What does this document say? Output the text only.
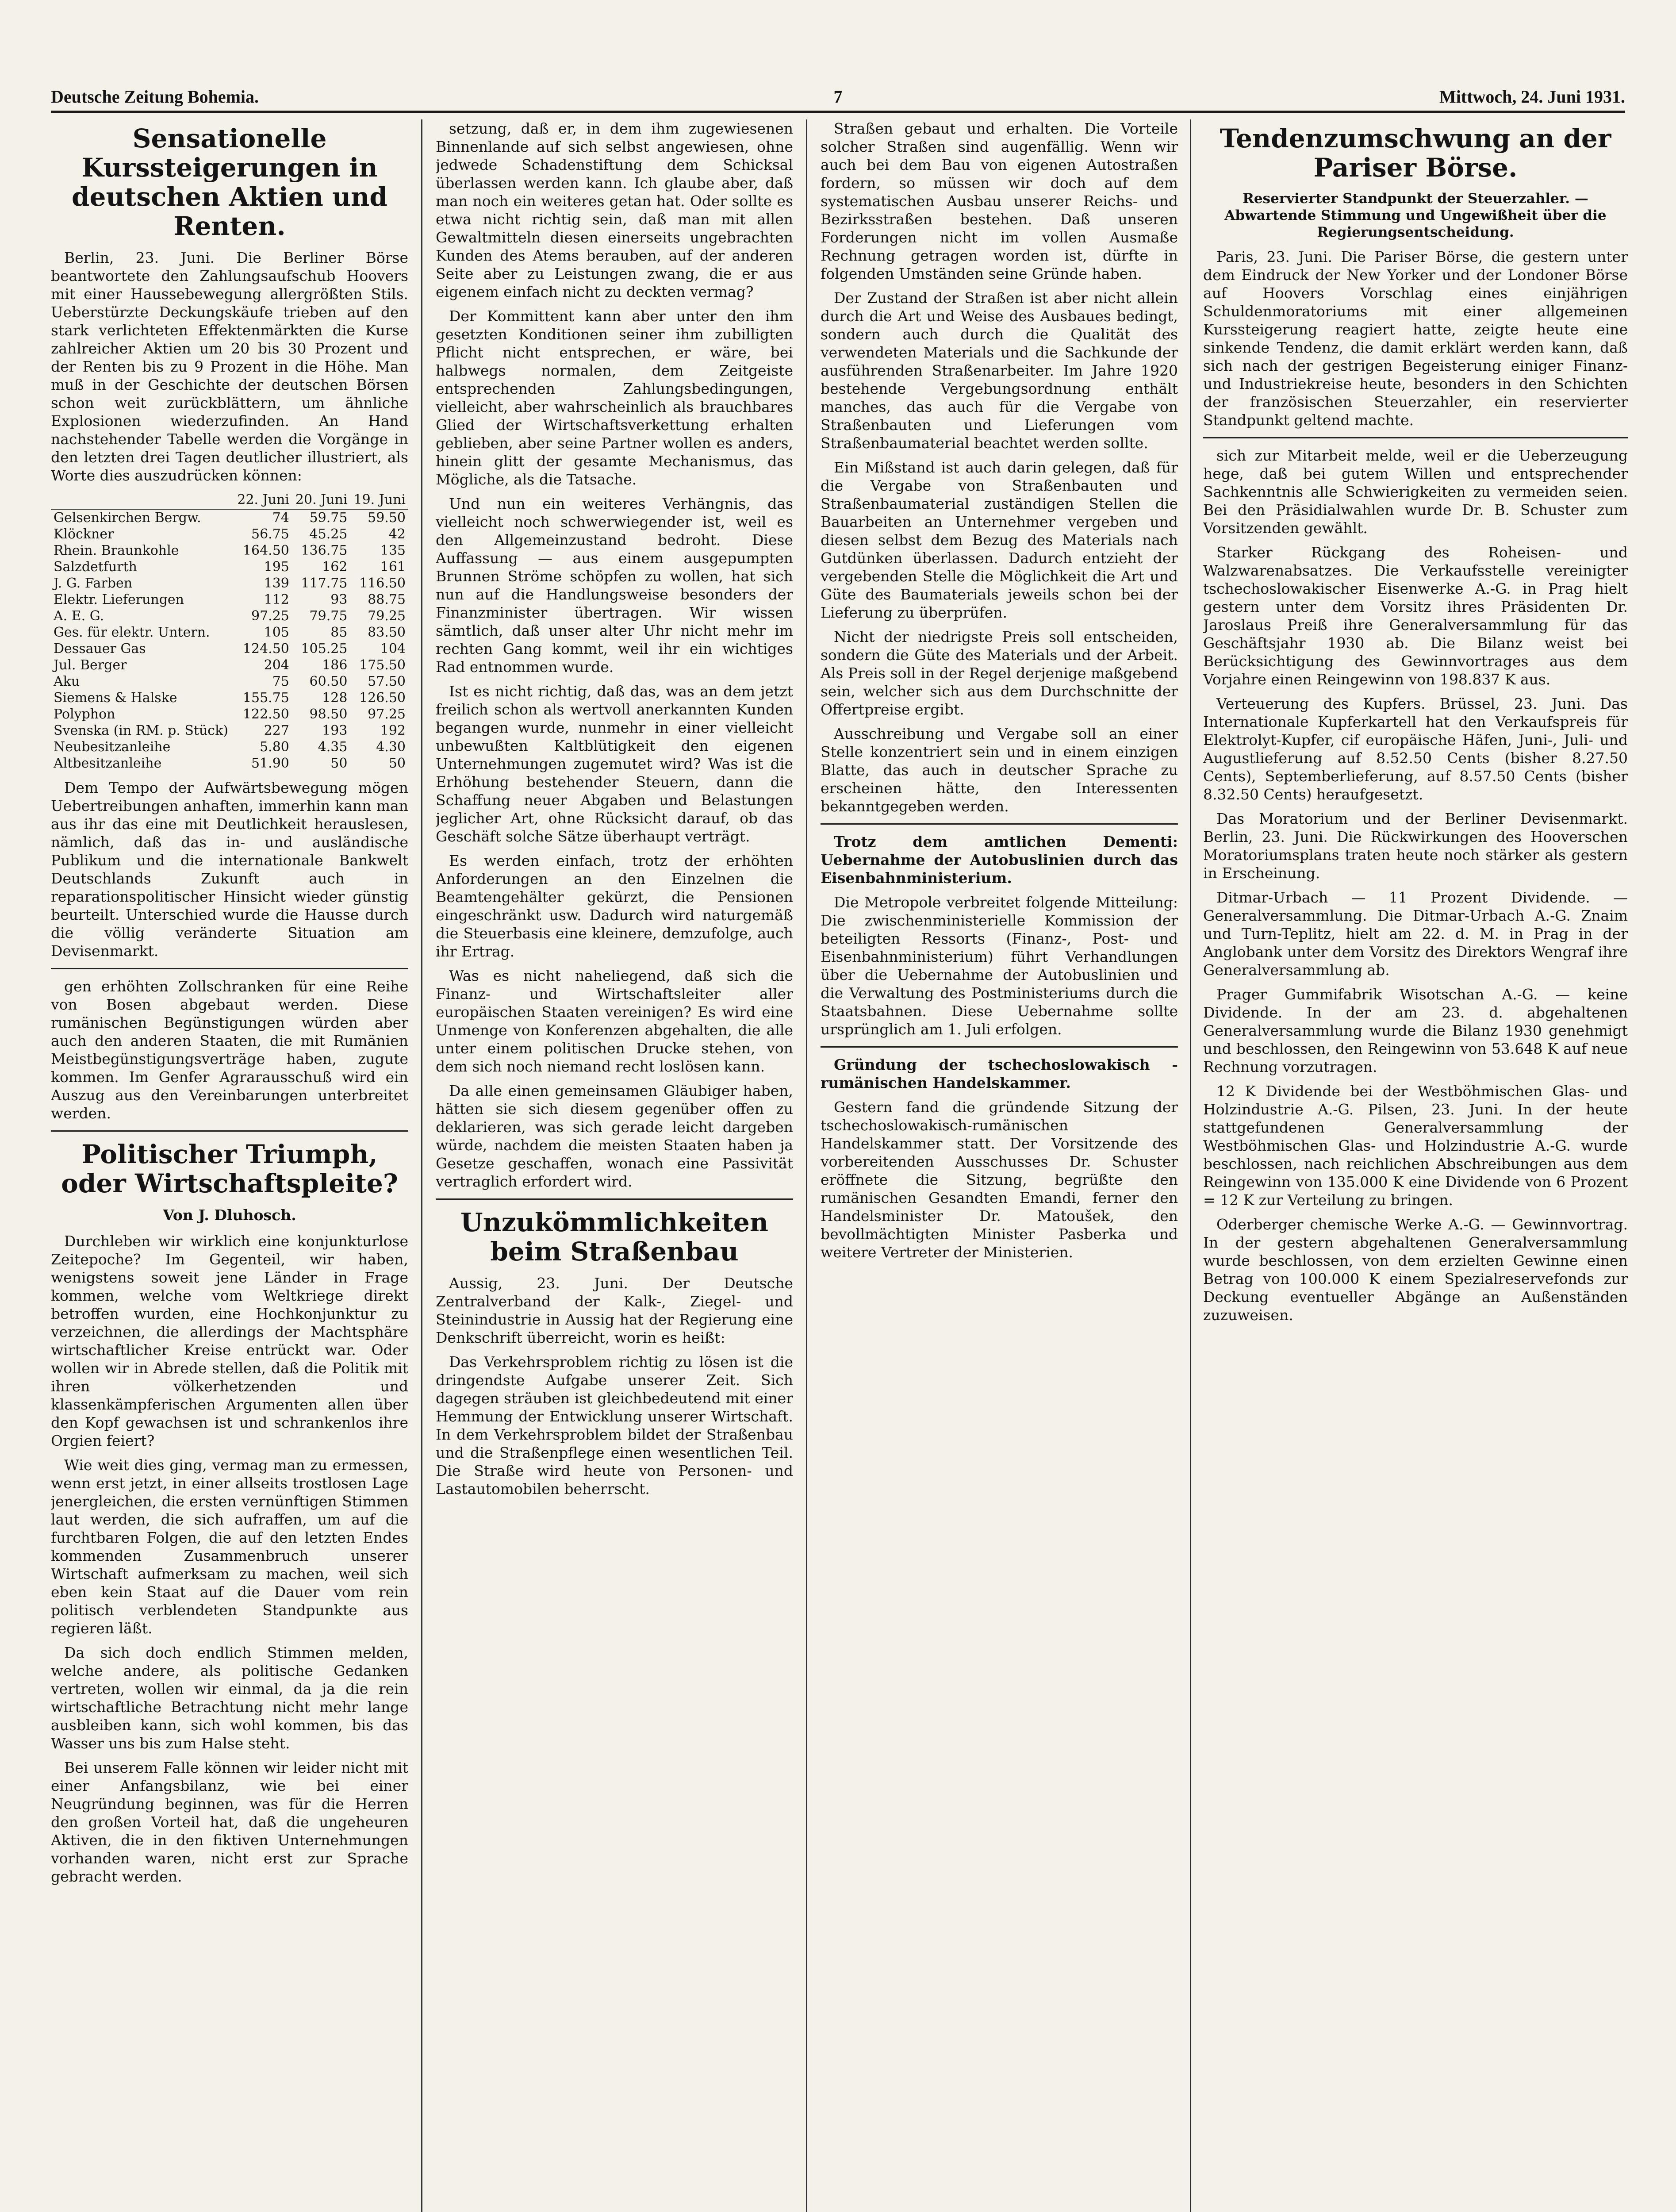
Deutsche Zeitung Bohemia.	7	Mittwoch, 24. Juni 1931.
Sensationelle Kurssteigerungen in deutschen Aktien und Renten.

Berlin, 23. Juni. Die Berliner Börse beantwortete den Zahlungsaufschub Hoovers mit einer Haussebewegung allergrößten Stils. Ueberstürzte Deckungskäufe trieben auf den stark verlichteten Effektenmärkten die Kurse zahlreicher Aktien um 20 bis 30 Prozent und der Renten bis zu 9 Prozent in die Höhe. Man muß in der Geschichte der deutschen Börsen schon weit zurückblättern, um ähnliche Explosionen wiederzufinden. An Hand nachstehender Tabelle werden die Vorgänge in den letzten drei Tagen deutlicher illustriert, als Worte dies auszudrücken können:

	22. Juni	20. Juni	19. Juni
Gelsenkirchen Bergw.	74	59.75	59.50
Klöckner	56.75	45.25	42
Rhein. Braunkohle	164.50	136.75	135
Salzdetfurth	195	162	161
J. G. Farben	139	117.75	116.50
Elektr. Lieferungen	112	93	88.75
A. E. G.	97.25	79.75	79.25
Ges. für elektr. Untern.	105	85	83.50
Dessauer Gas	124.50	105.25	104
Jul. Berger	204	186	175.50
Aku	75	60.50	57.50
Siemens & Halske	155.75	128	126.50
Polyphon	122.50	98.50	97.25
Svenska (in RM. p. Stück)	227	193	192
Neubesitzanleihe	5.80	4.35	4.30
Altbesitzanleihe	51.90	50	50

Dem Tempo der Aufwärtsbewegung mögen Uebertreibungen anhaften, immerhin kann man aus ihr das eine mit Deutlichkeit herauslesen, nämlich, daß das in- und ausländische Publikum und die internationale Bankwelt Deutschlands Zukunft auch in reparationspolitischer Hinsicht wieder günstig beurteilt. Unterschied wurde die Hausse durch die völlig veränderte Situation am Devisenmarkt.

gen erhöhten Zollschranken für eine Reihe von Bosen abgebaut werden. Diese rumänischen Begünstigungen würden aber auch den anderen Staaten, die mit Rumänien Meistbegünstigungsverträge haben, zugute kommen. Im Genfer Agrarausschuß wird ein Auszug aus den Vereinbarungen unterbreitet werden.

Politischer Triumph, oder Wirtschaftspleite?

Von J. Dluhosch.

Durchleben wir wirklich eine konjunkturlose Zeitepoche? Im Gegenteil, wir haben, wenigstens soweit jene Länder in Frage kommen, welche vom Weltkriege direkt betroffen wurden, eine Hochkonjunktur zu verzeichnen, die allerdings der Machtsphäre wirtschaftlicher Kreise entrückt war. Oder wollen wir in Abrede stellen, daß die Politik mit ihren völkerhetzenden und klassenkämpferischen Argumenten allen über den Kopf gewachsen ist und schrankenlos ihre Orgien feiert?

Wie weit dies ging, vermag man zu ermessen, wenn erst jetzt, in einer allseits trostlosen Lage jenergleichen, die ersten vernünftigen Stimmen laut werden, die sich aufraffen, um auf die furchtbaren Folgen, die auf den letzten Endes kommenden Zusammenbruch unserer Wirtschaft aufmerksam zu machen, weil sich eben kein Staat auf die Dauer vom rein politisch verblendeten Standpunkte aus regieren läßt.

Da sich doch endlich Stimmen melden, welche andere, als politische Gedanken vertreten, wollen wir einmal, da ja die rein wirtschaftliche Betrachtung nicht mehr lange ausbleiben kann, sich wohl kommen, bis das Wasser uns bis zum Halse steht.

Bei unserem Falle können wir leider nicht mit einer Anfangsbilanz, wie bei einer Neugründung beginnen, was für die Herren den großen Vorteil hat, daß die ungeheuren Aktiven, die in den fiktiven Unternehmungen vorhanden waren, nicht erst zur Sprache gebracht werden.

setzung, daß er, in dem ihm zugewiesenen Binnenlande auf sich selbst angewiesen, ohne jedwede Schadenstiftung dem Schicksal überlassen werden kann. Ich glaube aber, daß man noch ein weiteres getan hat. Oder sollte es etwa nicht richtig sein, daß man mit allen Gewaltmitteln diesen einerseits ungebrachten Kunden des Atems berauben, auf der anderen Seite aber zu Leistungen zwang, die er aus eigenem einfach nicht zu deckten vermag?

Der Kommittent kann aber unter den ihm gesetzten Konditionen seiner ihm zubilligten Pflicht nicht entsprechen, er wäre, bei halbwegs normalen, dem Zeitgeiste entsprechenden Zahlungsbedingungen, vielleicht, aber wahrscheinlich als brauchbares Glied der Wirtschaftsverkettung erhalten geblieben, aber seine Partner wollen es anders, hinein glitt der gesamte Mechanismus, das Mögliche, als die Tatsache.

Und nun ein weiteres Verhängnis, das vielleicht noch schwerwiegender ist, weil es den Allgemeinzustand bedroht. Diese Auffassung — aus einem ausgepumpten Brunnen Ströme schöpfen zu wollen, hat sich nun auf die Handlungsweise besonders der Finanzminister übertragen. Wir wissen sämtlich, daß unser alter Uhr nicht mehr im rechten Gang kommt, weil ihr ein wichtiges Rad entnommen wurde.

Ist es nicht richtig, daß das, was an dem jetzt freilich schon als wertvoll anerkannten Kunden begangen wurde, nunmehr in einer vielleicht unbewußten Kaltblütigkeit den eigenen Unternehmungen zugemutet wird? Was ist die Erhöhung bestehender Steuern, dann die Schaffung neuer Abgaben und Belastungen jeglicher Art, ohne Rücksicht darauf, ob das Geschäft solche Sätze überhaupt verträgt.

Es werden einfach, trotz der erhöhten Anforderungen an den Einzelnen die Beamtengehälter gekürzt, die Pensionen eingeschränkt usw. Dadurch wird naturgemäß die Steuerbasis eine kleinere, demzufolge, auch ihr Ertrag.

Was es nicht naheliegend, daß sich die Finanz- und Wirtschaftsleiter aller europäischen Staaten vereinigen? Es wird eine Unmenge von Konferenzen abgehalten, die alle unter einem politischen Drucke stehen, von dem sich noch niemand recht loslösen kann.

Da alle einen gemeinsamen Gläubiger haben, hätten sie sich diesem gegenüber offen zu deklarieren, was sich gerade leicht dargeben würde, nachdem die meisten Staaten haben ja Gesetze geschaffen, wonach eine Passivität vertraglich erfordert wird.

Unzukömmlichkeiten beim Straßenbau

Aussig, 23. Juni. Der Deutsche Zentralverband der Kalk-, Ziegel- und Steinindustrie in Aussig hat der Regierung eine Denkschrift überreicht, worin es heißt:

Das Verkehrsproblem richtig zu lösen ist die dringendste Aufgabe unserer Zeit. Sich dagegen sträuben ist gleichbedeutend mit einer Hemmung der Entwicklung unserer Wirtschaft. In dem Verkehrsproblem bildet der Straßenbau und die Straßenpflege einen wesentlichen Teil. Die Straße wird heute von Personen- und Lastautomobilen beherrscht.

Straßen gebaut und erhalten. Die Vorteile solcher Straßen sind augenfällig. Wenn wir auch bei dem Bau von eigenen Autostraßen fordern, so müssen wir doch auf dem systematischen Ausbau unserer Reichs- und Bezirksstraßen bestehen. Daß unseren Forderungen nicht im vollen Ausmaße Rechnung getragen worden ist, dürfte in folgenden Umständen seine Gründe haben.

Der Zustand der Straßen ist aber nicht allein durch die Art und Weise des Ausbaues bedingt, sondern auch durch die Qualität des verwendeten Materials und die Sachkunde der ausführenden Straßenarbeiter. Im Jahre 1920 bestehende Vergebungsordnung enthält manches, das auch für die Vergabe von Straßenbauten und Lieferungen vom Straßenbaumaterial beachtet werden sollte.

Ein Mißstand ist auch darin gelegen, daß für die Vergabe von Straßenbauten und Straßenbaumaterial zuständigen Stellen die Bauarbeiten an Unternehmer vergeben und diesen selbst dem Bezug des Materials nach Gutdünken überlassen. Dadurch entzieht der vergebenden Stelle die Möglichkeit die Art und Güte des Baumaterials jeweils schon bei der Lieferung zu überprüfen.

Nicht der niedrigste Preis soll entscheiden, sondern die Güte des Materials und der Arbeit. Als Preis soll in der Regel derjenige maßgebend sein, welcher sich aus dem Durchschnitte der Offertpreise ergibt.

Ausschreibung und Vergabe soll an einer Stelle konzentriert sein und in einem einzigen Blatte, das auch in deutscher Sprache zu erscheinen hätte, den Interessenten bekanntgegeben werden.

Trotz dem amtlichen Dementi: Uebernahme der Autobuslinien durch das Eisenbahnministerium.

Die Metropole verbreitet folgende Mitteilung: Die zwischenministerielle Kommission der beteiligten Ressorts (Finanz-, Post- und Eisenbahnministerium) führt Verhandlungen über die Uebernahme der Autobuslinien und die Verwaltung des Postministeriums durch die Staatsbahnen. Diese Uebernahme sollte ursprünglich am 1. Juli erfolgen.

Gründung der tschechoslowakisch - rumänischen Handelskammer.

Gestern fand die gründende Sitzung der tschechoslowakisch-rumänischen Handelskammer statt. Der Vorsitzende des vorbereitenden Ausschusses Dr. Schuster eröffnete die Sitzung, begrüßte den rumänischen Gesandten Emandi, ferner den Handelsminister Dr. Matoušek, den bevollmächtigten Minister Pasberka und weitere Vertreter der Ministerien.

Tendenzumschwung an der Pariser Börse.

Reservierter Standpunkt der Steuerzahler. — Abwartende Stimmung und Ungewißheit über die Regierungsentscheidung.

Paris, 23. Juni. Die Pariser Börse, die gestern unter dem Eindruck der New Yorker und der Londoner Börse auf Hoovers Vorschlag eines einjährigen Schuldenmoratoriums mit einer allgemeinen Kurssteigerung reagiert hatte, zeigte heute eine sinkende Tendenz, die damit erklärt werden kann, daß sich nach der gestrigen Begeisterung einiger Finanz- und Industriekreise heute, besonders in den Schichten der französischen Steuerzahler, ein reservierter Standpunkt geltend machte.

sich zur Mitarbeit melde, weil er die Ueberzeugung hege, daß bei gutem Willen und entsprechender Sachkenntnis alle Schwierigkeiten zu vermeiden seien. Bei den Präsidialwahlen wurde Dr. B. Schuster zum Vorsitzenden gewählt.

Starker Rückgang des Roheisen- und Walzwarenabsatzes. Die Verkaufsstelle vereinigter tschechoslowakischer Eisenwerke A.-G. in Prag hielt gestern unter dem Vorsitz ihres Präsidenten Dr. Jaroslaus Preiß ihre Generalversammlung für das Geschäftsjahr 1930 ab. Die Bilanz weist bei Berücksichtigung des Gewinnvortrages aus dem Vorjahre einen Reingewinn von 198.837 K aus.

Verteuerung des Kupfers. Brüssel, 23. Juni. Das Internationale Kupferkartell hat den Verkaufspreis für Elektrolyt-Kupfer, cif europäische Häfen, Juni-, Juli- und Augustlieferung auf 8.52.50 Cents (bisher 8.27.50 Cents), Septemberlieferung, auf 8.57.50 Cents (bisher 8.32.50 Cents) heraufgesetzt.

Das Moratorium und der Berliner Devisenmarkt. Berlin, 23. Juni. Die Rückwirkungen des Hooverschen Moratoriumsplans traten heute noch stärker als gestern in Erscheinung.

Ditmar-Urbach — 11 Prozent Dividende. — Generalversammlung. Die Ditmar-Urbach A.-G. Znaim und Turn-Teplitz, hielt am 22. d. M. in Prag in der Anglobank unter dem Vorsitz des Direktors Wengraf ihre Generalversammlung ab.

Prager Gummifabrik Wisotschan A.-G. — keine Dividende. In der am 23. d. abgehaltenen Generalversammlung wurde die Bilanz 1930 genehmigt und beschlossen, den Reingewinn von 53.648 K auf neue Rechnung vorzutragen.

12 K Dividende bei der Westböhmischen Glas- und Holzindustrie A.-G. Pilsen, 23. Juni. In der heute stattgefundenen Generalversammlung der Westböhmischen Glas- und Holzindustrie A.-G. wurde beschlossen, nach reichlichen Abschreibungen aus dem Reingewinn von 135.000 K eine Dividende von 6 Prozent = 12 K zur Verteilung zu bringen.

Oderberger chemische Werke A.-G. — Gewinnvortrag. In der gestern abgehaltenen Generalversammlung wurde beschlossen, von dem erzielten Gewinne einen Betrag von 100.000 K einem Spezialreservefonds zur Deckung eventueller Abgänge an Außenständen zuzuweisen.
